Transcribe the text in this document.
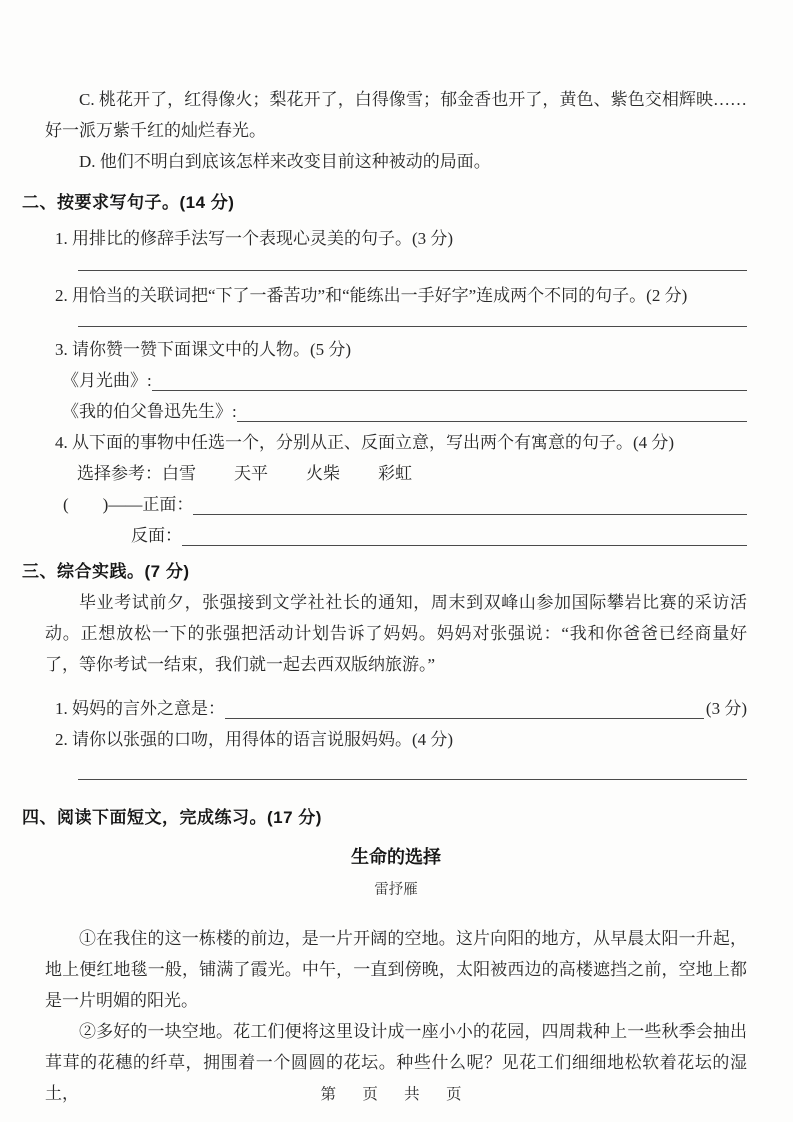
C. 桃花开了，红得像火；梨花开了，白得像雪；郁金香也开了，黄色、紫色交相辉映……好一派万紫千红的灿烂春光。

D. 他们不明白到底该怎样来改变目前这种被动的局面。

二、按要求写句子。(14 分)

1. 用排比的修辞手法写一个表现心灵美的句子。(3 分)

2. 用恰当的关联词把“下了一番苦功”和“能练出一手好字”连成两个不同的句子。(2 分)

3. 请你赞一赞下面课文中的人物。(5 分)

《月光曲》:
《我的伯父鲁迅先生》:

4. 从下面的事物中任选一个，分别从正、反面立意，写出两个有寓意的句子。(4 分)

选择参考： 白雪 天平 火柴 彩虹
(　　) —— 正面：
反面：

三、综合实践。(7 分)

毕业考试前夕，张强接到文学社社长的通知，周末到双峰山参加国际攀岩比赛的采访活动。正想放松一下的张强把活动计划告诉了妈妈。妈妈对张强说：“我和你爸爸已经商量好了，等你考试一结束，我们就一起去西双版纳旅游。”

1. 妈妈的言外之意是：	(3 分)

2. 请你以张强的口吻，用得体的语言说服妈妈。(4 分)

四、阅读下面短文，完成练习。(17 分)

生命的选择

雷抒雁

①在我住的这一栋楼的前边，是一片开阔的空地。这片向阳的地方，从早晨太阳一升起，地上便红地毯一般，铺满了霞光。中午，一直到傍晚，太阳被西边的高楼遮挡之前，空地上都是一片明媚的阳光。

②多好的一块空地。花工们便将这里设计成一座小小的花园，四周栽种上一些秋季会抽出茸茸的花穗的纤草，拥围着一个圆圆的花坛。种些什么呢？见花工们细细地松软着花坛的湿土，	第 页 共 页
